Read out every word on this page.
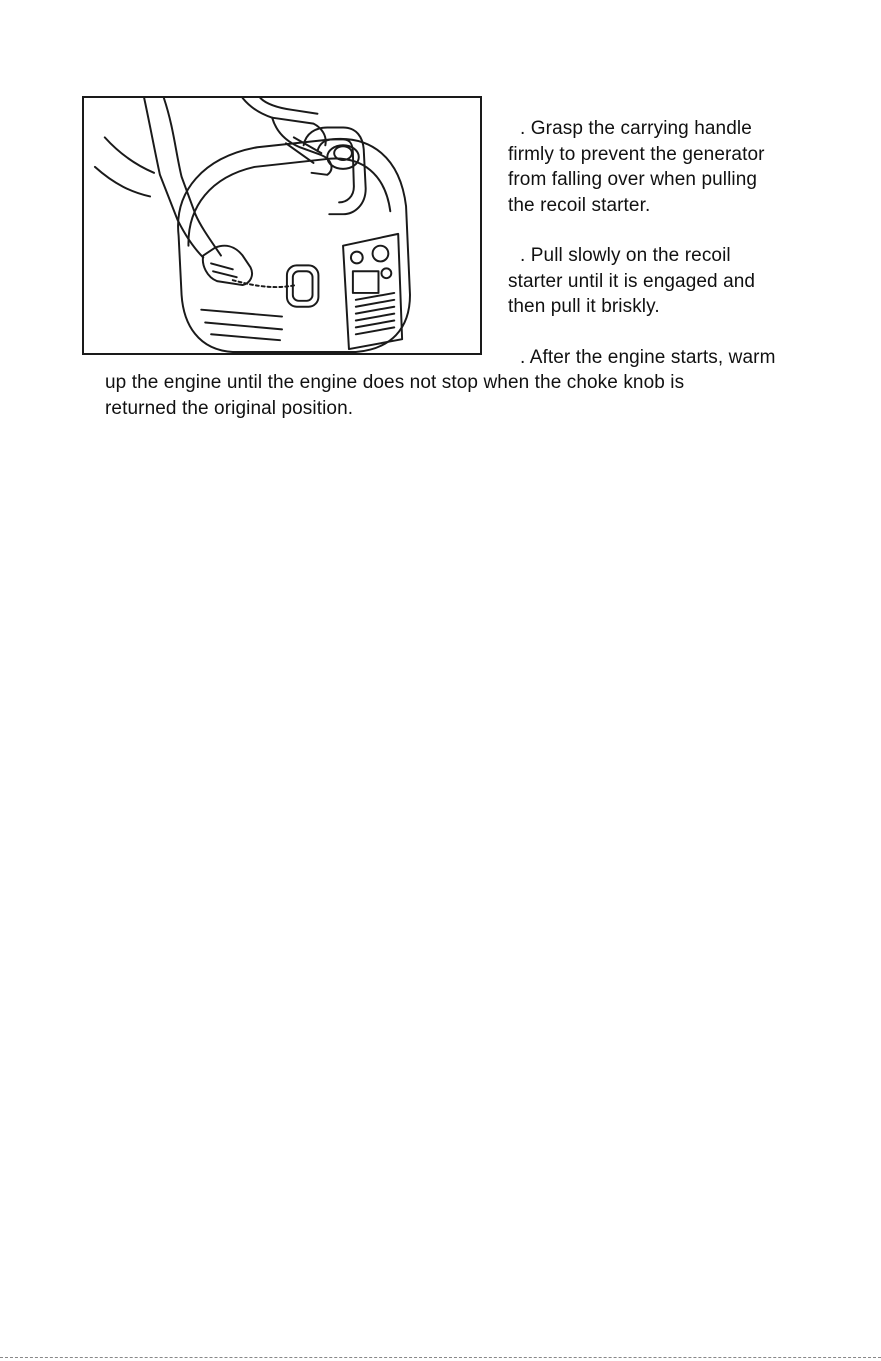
. Grasp the carrying handle
firmly to prevent the generator
from falling over when pulling
the recoil starter.

. Pull slowly on the recoil
starter until it is engaged and
then pull it briskly.

. After the engine starts, warm

up the engine until the engine does not stop when the choke knob is
returned the original position.
